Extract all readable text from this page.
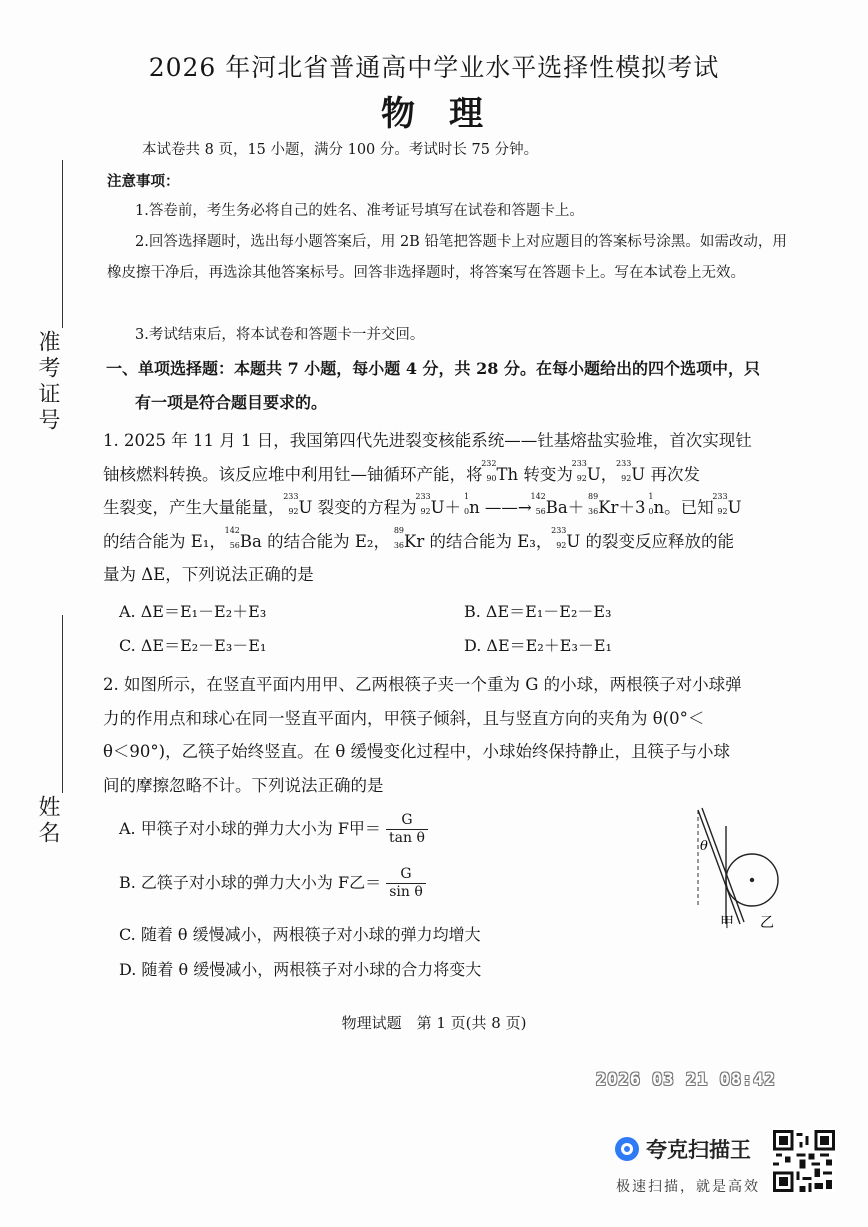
2026 年河北省普通高中学业水平选择性模拟考试
物理
本试卷共 8 页，15 小题，满分 100 分。考试时长 75 分钟。
准考证号
姓名
注意事项：
1.答卷前，考生务必将自己的姓名、准考证号填写在试卷和答题卡上。
2.回答选择题时，选出每小题答案后，用 2B 铅笔把答题卡上对应题目的答案标号涂黑。如需改动，用橡皮擦干净后，再选涂其他答案标号。回答非选择题时，将答案写在答题卡上。写在本试卷上无效。
3.考试结束后，将本试卷和答题卡一并交回。
一、单项选择题：本题共 7 小题，每小题 4 分，共 28 分。在每小题给出的四个选项中，只
有一项是符合题目要求的。
1. 2025 年 11 月 1 日，我国第四代先进裂变核能系统——钍基熔盐实验堆，首次实现钍
铀核燃料转换。该反应堆中利用钍—铀循环产能，将
232
90 Th 转变为
233
92 U，
233
92 U 再次发
生裂变，产生大量能量，
233
92 U 裂变的方程为
233
92 U＋
1
0 n ——→
142
56 Ba＋
89
36 Kr＋3
1
0 n。已知
233
92 U
的结合能为 E₁，
142
56 Ba 的结合能为 E₂，
89
36 Kr 的结合能为 E₃，
233
92 U 的裂变反应释放的能
量为 ΔE，下列说法正确的是
A. ΔE＝E₁－E₂＋E₃	B. ΔE＝E₁－E₂－E₃
C. ΔE＝E₂－E₃－E₁	D. ΔE＝E₂＋E₃－E₁
2. 如图所示，在竖直平面内用甲、乙两根筷子夹一个重为 G 的小球，两根筷子对小球弹
力的作用点和球心在同一竖直平面内，甲筷子倾斜，且与竖直方向的夹角为 θ(0°＜
θ＜90°)，乙筷子始终竖直。在 θ 缓慢变化过程中，小球始终保持静止，且筷子与小球
间的摩擦忽略不计。下列说法正确的是
A. 甲筷子对小球的弹力大小为 F甲＝ $\frac{G}{\text{tan θ}}$
B. 乙筷子对小球的弹力大小为 F乙＝ $\frac{G}{\text{sin θ}}$
C. 随着 θ 缓慢减小，两根筷子对小球的弹力均增大
D. 随着 θ 缓慢减小，两根筷子对小球的合力将变大
θ
甲 乙
物理试题　第 1 页(共 8 页)
2026 03 21 08:42
夸克扫描王
极速扫描，就是高效
